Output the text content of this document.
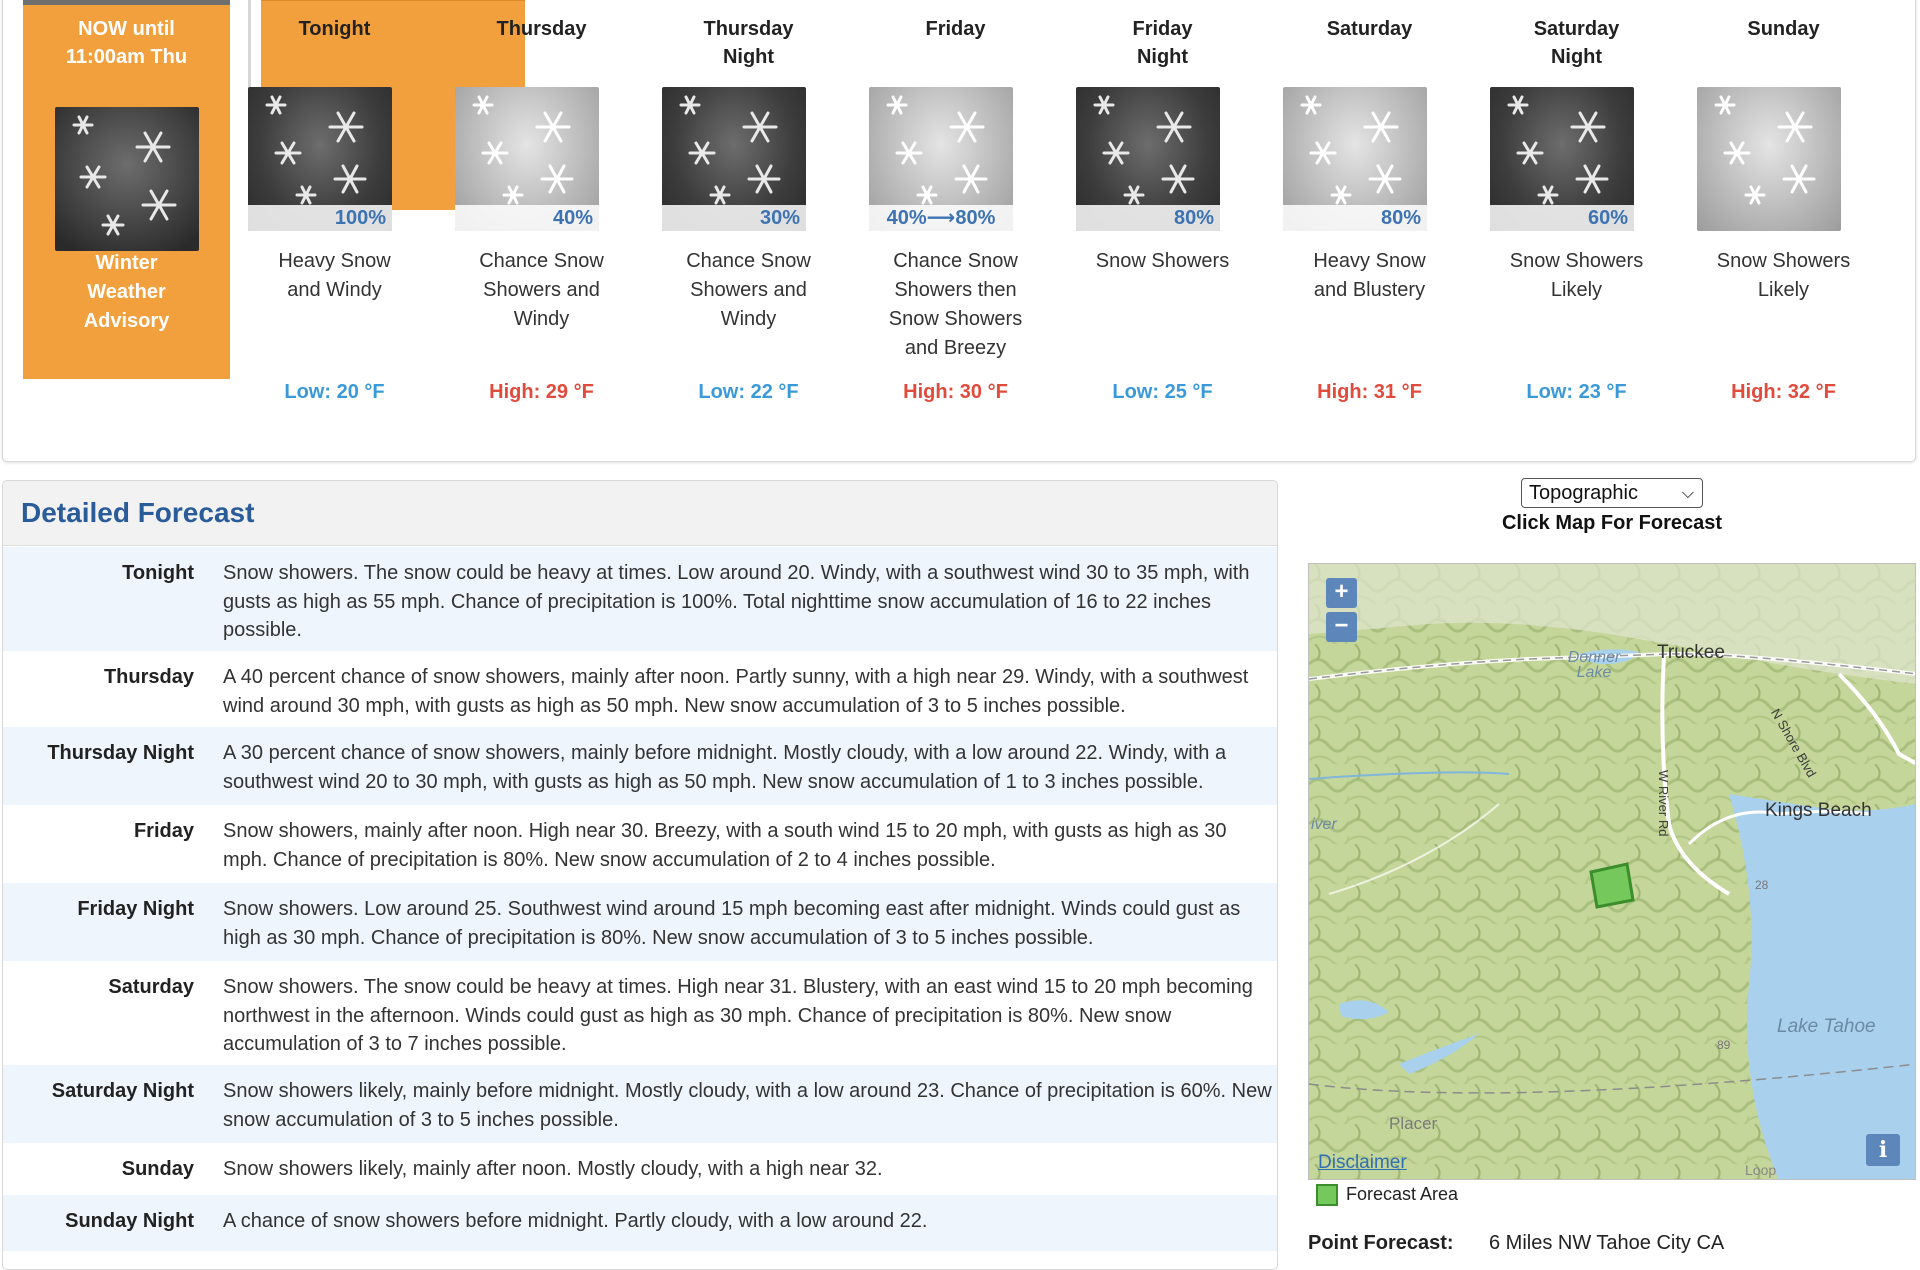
NOW until
11:00am Thu
Winter
Weather
Advisory
Tonight
100%
Heavy Snow and Windy
Low: 20 °F
Thursday
40%
Chance Snow Showers and Windy
High: 29 °F
Thursday
Night
30%
Chance Snow Showers and Windy
Low: 22 °F
Friday
40%⟶80%
Chance Snow Showers then Snow Showers and Breezy
High: 30 °F
Friday
Night
80%
Snow Showers
Low: 25 °F
Saturday
80%
Heavy Snow and Blustery
High: 31 °F
Saturday
Night
60%
Snow Showers Likely
Low: 23 °F
Sunday
Snow Showers Likely
High: 32 °F
Detailed Forecast
Tonight Snow showers. The snow could be heavy at times. Low around 20. Windy, with a southwest wind 30 to 35 mph, with gusts as high as 55 mph. Chance of precipitation is 100%. Total nighttime snow accumulation of 16 to 22 inches possible.
Thursday A 40 percent chance of snow showers, mainly after noon. Partly sunny, with a high near 29. Windy, with a southwest wind around 30 mph, with gusts as high as 50 mph. New snow accumulation of 3 to 5 inches possible.
Thursday Night A 30 percent chance of snow showers, mainly before midnight. Mostly cloudy, with a low around 22. Windy, with a southwest wind 20 to 30 mph, with gusts as high as 50 mph. New snow accumulation of 1 to 3 inches possible.
Friday Snow showers, mainly after noon. High near 30. Breezy, with a south wind 15 to 20 mph, with gusts as high as 30 mph. Chance of precipitation is 80%. New snow accumulation of 2 to 4 inches possible.
Friday Night Snow showers. Low around 25. Southwest wind around 15 mph becoming east after midnight. Winds could gust as high as 30 mph. Chance of precipitation is 80%. New snow accumulation of 3 to 5 inches possible.
Saturday Snow showers. The snow could be heavy at times. High near 31. Blustery, with an east wind 15 to 20 mph becoming northwest in the afternoon. Winds could gust as high as 30 mph. Chance of precipitation is 80%. New snow accumulation of 3 to 7 inches possible.
Saturday Night Snow showers likely, mainly before midnight. Mostly cloudy, with a low around 23. Chance of precipitation is 60%. New snow accumulation of 3 to 5 inches possible.
Sunday Snow showers likely, mainly after noon. Mostly cloudy, with a high near 32.
Sunday Night A chance of snow showers before midnight. Partly cloudy, with a low around 22.
Topographic	⌵
Click Map For Forecast
+
−
Truckee
Donner
Lake
Kings Beach
Lake Tahoe
Placer
N Shore Blvd
W River Rd
iver
Loop
28
89
Disclaimer	i
Forecast Area
Point Forecast: 6 Miles NW Tahoe City CA
